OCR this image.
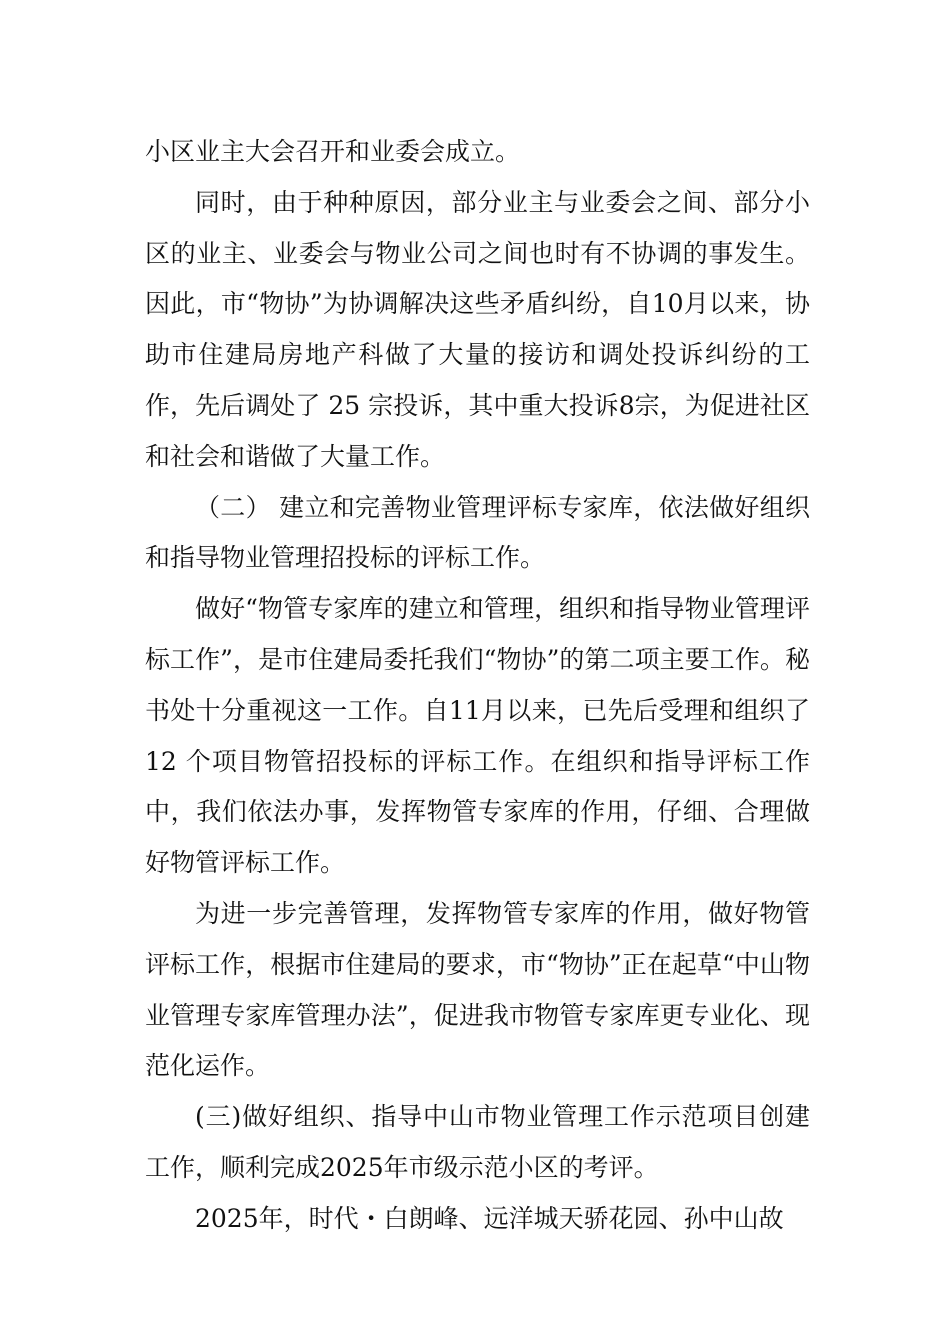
小区业主大会召开和业委会成立。

同时，由于种种原因，部分业主与业委会之间、部分小区的业主、业委会与物业公司之间也时有不协调的事发生。因此，市“物协”为协调解决这些矛盾纠纷，自10月以来，协助市住建局房地产科做了大量的接访和调处投诉纠纷的工作，先后调处了 25 宗投诉，其中重大投诉8宗，为促进社区和社会和谐做了大量工作。

（二） 建立和完善物业管理评标专家库，依法做好组织和指导物业管理招投标的评标工作。

做好“物管专家库的建立和管理，组织和指导物业管理评标工作”，是市住建局委托我们“物协”的第二项主要工作。秘书处十分重视这一工作。自11月以来，已先后受理和组织了 12 个项目物管招投标的评标工作。在组织和指导评标工作中，我们依法办事，发挥物管专家库的作用，仔细、合理做好物管评标工作。

为进一步完善管理，发挥物管专家库的作用，做好物管评标工作，根据市住建局的要求，市“物协”正在起草“中山物业管理专家库管理办法”，促进我市物管专家库更专业化、现范化运作。

(三)做好组织、指导中山市物业管理工作示范项目创建工作，顺利完成2025年市级示范小区的考评。

2025年，时代・白朗峰、远洋城天骄花园、孙中山故
